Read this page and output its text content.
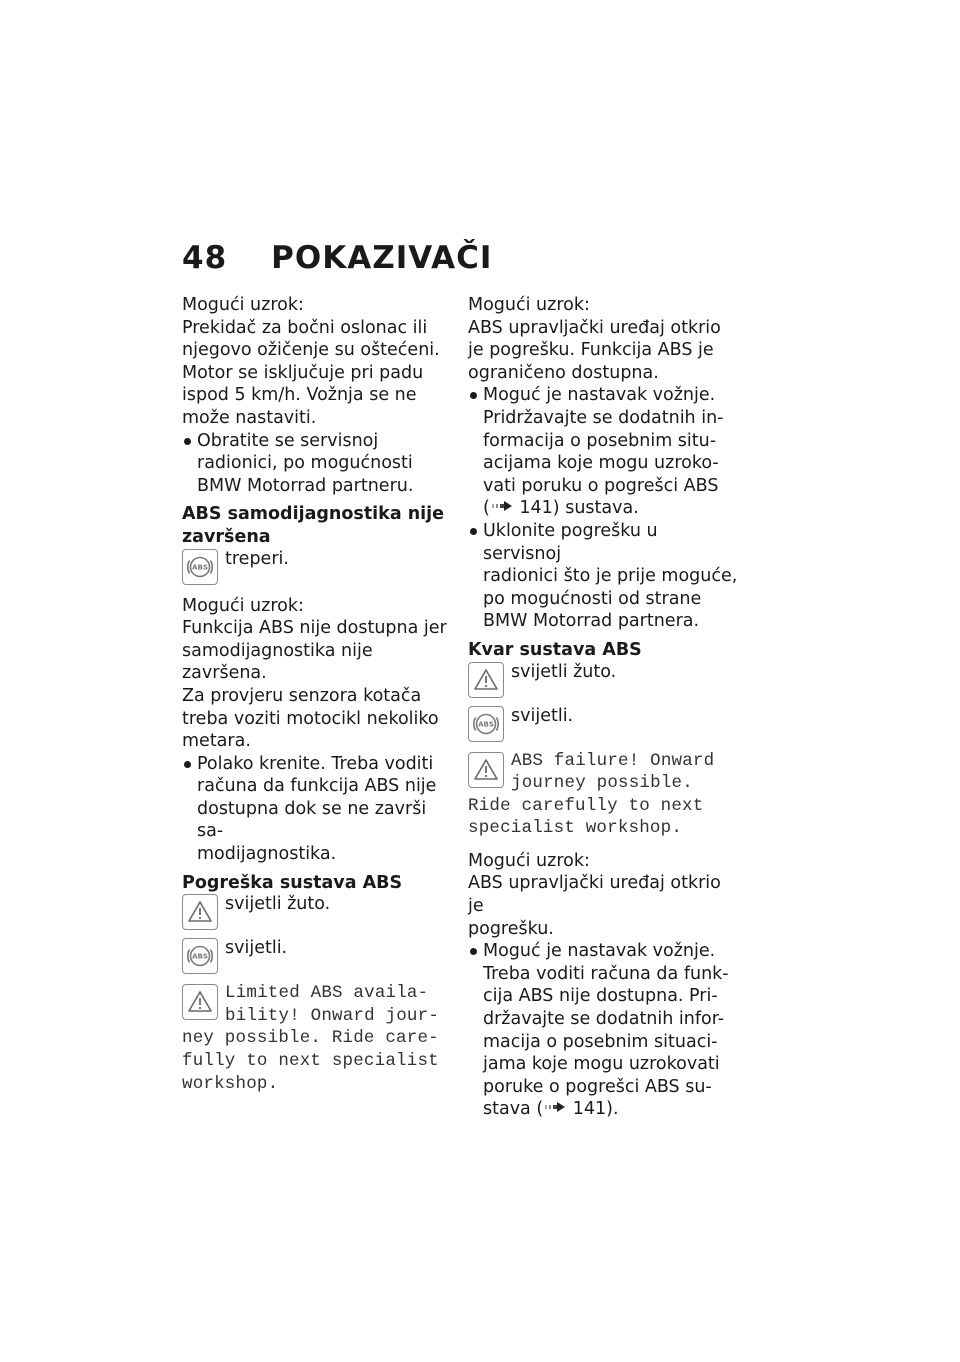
48 POKAZIVAČI

Mogući uzrok:

Prekidač za bočni oslonac ili
njegovo ožičenje su oštećeni.
Motor se isključuje pri padu
ispod 5 km/h. Vožnja se ne
može nastaviti.

Obratite se servisnoj
radionici, po mogućnosti
BMW Motorrad partneru.

ABS samodijagnostika nije
završena

ABS treperi.

Mogući uzrok:

Funkcija ABS nije dostupna jer
samodijagnostika nije završena.
Za provjeru senzora kotača
treba voziti motocikl nekoliko
metara.

Polako krenite. Treba voditi
računa da funkcija ABS nije
dostupna dok se ne završi sa-
modijagnostika.

Pogreška sustava ABS

svijetli žuto.
ABS svijetli.

Limited ABS availa-

bility! Onward jour-

ney possible. Ride care-

fully to next specialist

workshop.

Mogući uzrok:

ABS upravljački uređaj otkrio
je pogrešku. Funkcija ABS je
ograničeno dostupna.

Moguć je nastavak vožnje.
Pridržavajte se dodatnih in-
formacija o posebnim situ-
acijama koje mogu uzroko-
vati poruku o pogrešci ABS
( 141) sustava.

Uklonite pogrešku u servisnoj
radionici što je prije moguće,
po mogućnosti od strane
BMW Motorrad partnera.

Kvar sustava ABS

svijetli žuto.
ABS svijetli.

ABS failure! Onward

journey possible.

Ride carefully to next

specialist workshop.

Mogući uzrok:

ABS upravljački uređaj otkrio je
pogrešku.

Moguć je nastavak vožnje.
Treba voditi računa da funk-
cija ABS nije dostupna. Pri-
državajte se dodatnih infor-
macija o posebnim situaci-
jama koje mogu uzrokovati
poruke o pogrešci ABS su-
stava ( 141).
